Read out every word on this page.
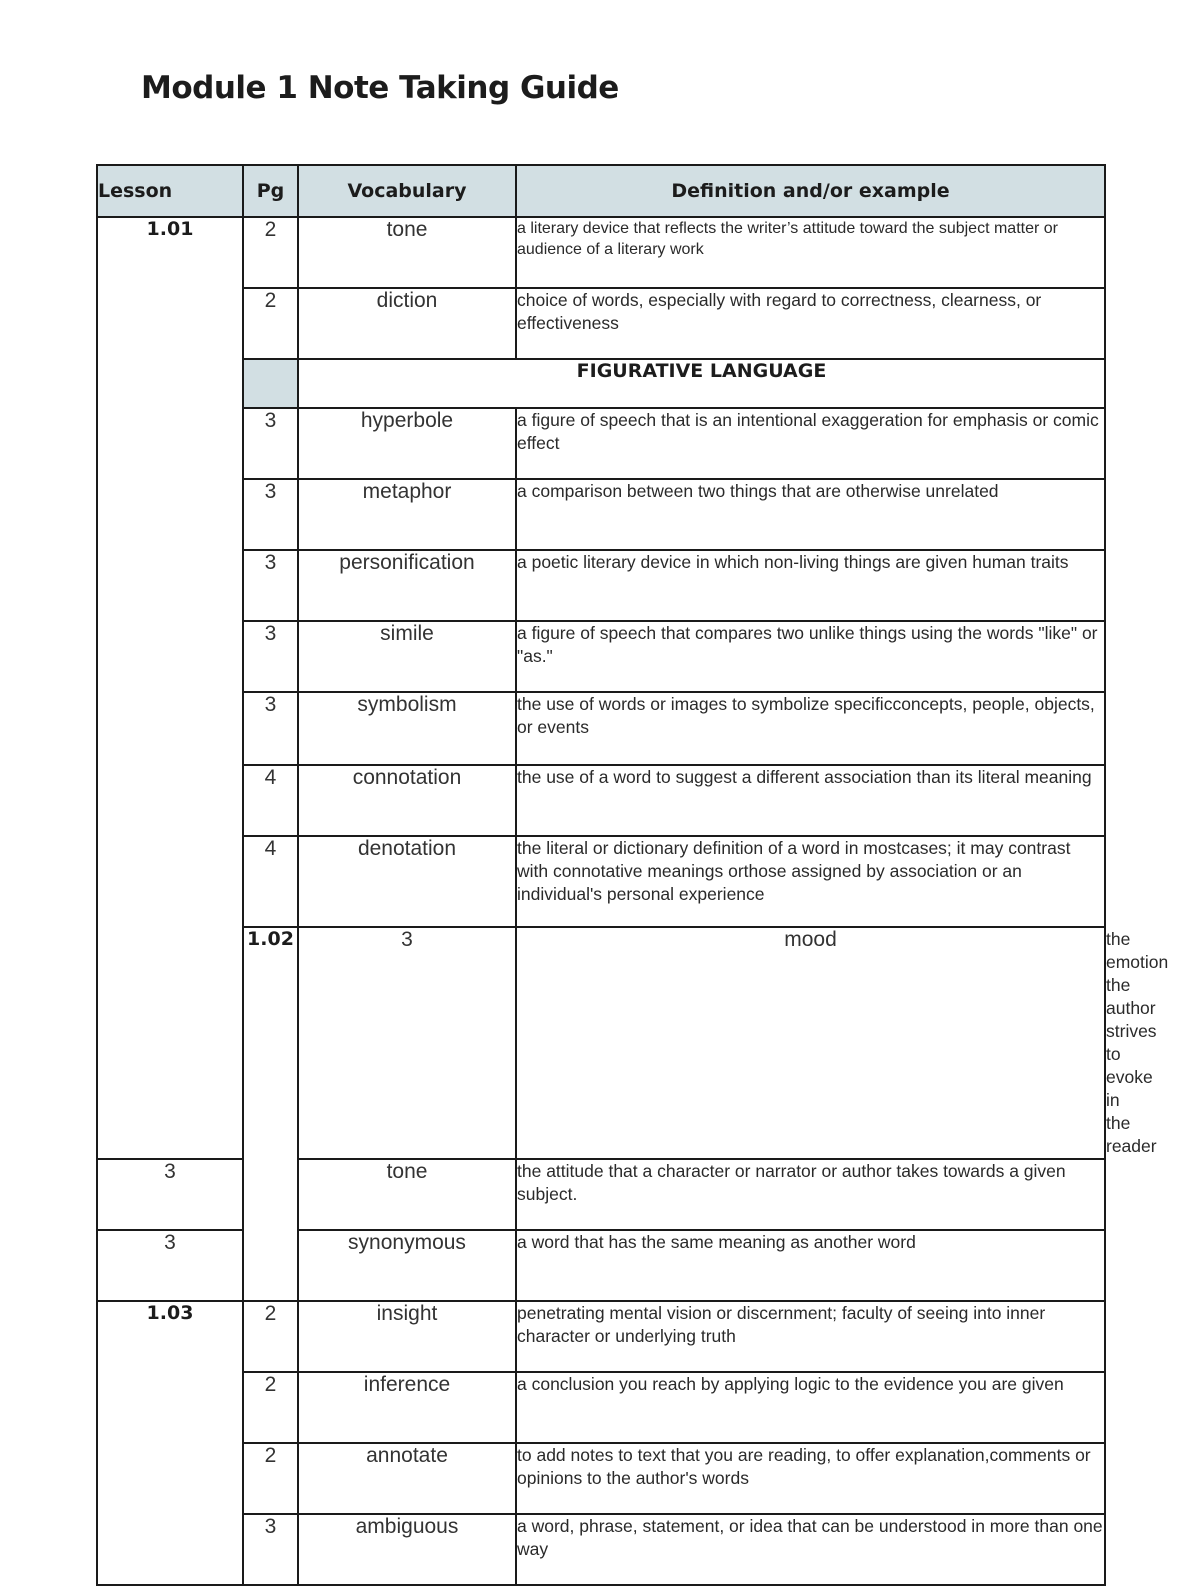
Module 1 Note Taking Guide
Lesson	Pg	Vocabulary	Definition and/or example	
1.01	2	tone	a literary device that reflects the writer’s attitude toward the subject matter or audience of a literary work	
	2	diction	choice of words, especially with regard to correctness, clearness, or effectiveness	
		FIGURATIVE LANGUAGE		
	3	hyperbole	a figure of speech that is an intentional exaggeration for emphasis or comic effect	
	3	metaphor	a comparison between two things that are otherwise unrelated	
	3	personification	a poetic literary device in which non-living things are given human traits	
	3	simile	a figure of speech that compares two unlike things using the words "like" or "as."	
	3	symbolism	the use of words or images to symbolize specificconcepts, people, objects, or events	
	4	connotation	the use of a word to suggest a different association than its literal meaning	
	4	denotation	the literal or dictionary definition of a word in mostcases; it may contrast with connotative meanings orthose assigned by association or an individual's personal experience	
	1.02	3	mood	the emotion the author strives to evoke in the reader
3		tone	the attitude that a character or narrator or author takes towards a given subject.	
3		synonymous	a word that has the same meaning as another word	
1.03	2	insight	penetrating mental vision or discernment; faculty of seeing into inner character or underlying truth	
	2	inference	a conclusion you reach by applying logic to the evidence you are given	
	2	annotate	to add notes to text that you are reading, to offer explanation,comments or opinions to the author's words	
	3	ambiguous	a word, phrase, statement, or idea that can be understood in more than one way	
